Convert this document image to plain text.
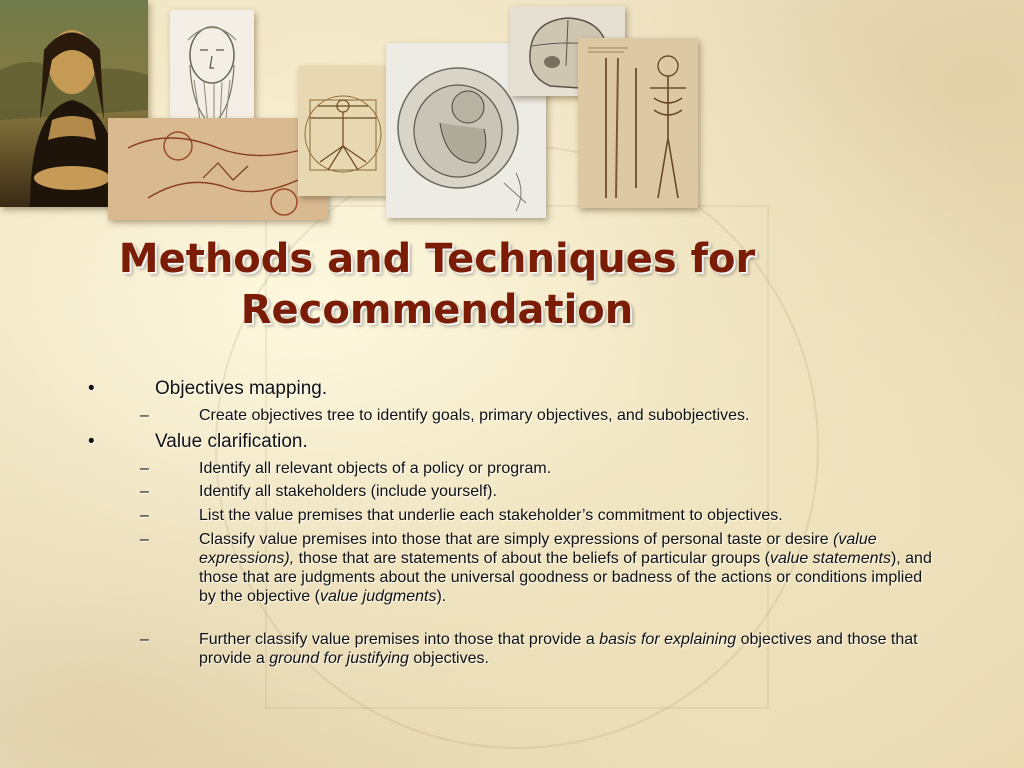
Methods and Techniques for
Recommendation
•	Objectives mapping.
–	Create objectives tree to identify goals, primary objectives, and subobjectives.
•	Value clarification.
–	Identify all relevant objects of a policy or program.
–	Identify all stakeholders (include yourself).
–	List the value premises that underlie each stakeholder’s commitment to objectives.
–	Classify value premises into those that are simply expressions of personal taste or desire (value expressions), those that are statements of about the beliefs of particular groups (value statements), and those that are judgments about the universal goodness or badness of the actions or conditions implied by the objective (value judgments).
–	Further classify value premises into those that provide a basis for explaining objectives and those that provide a ground for justifying objectives.
